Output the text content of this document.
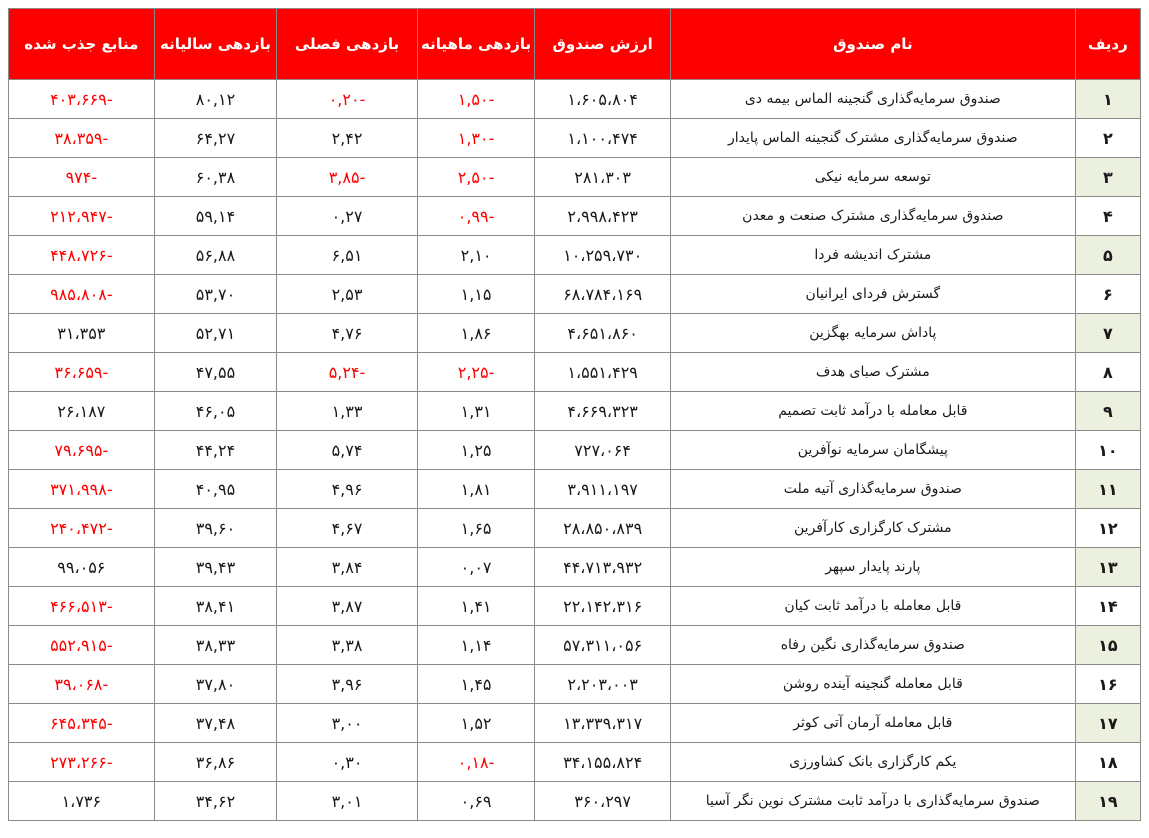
ردیف	نام صندوق	ارزش صندوق	بازدهی ماهیانه	بازدهی فصلی	بازدهی سالیانه	منابع جذب شده
۱	صندوق سرمایه‌گذاری گنجینه الماس بیمه دی	۱،۶۰۵،۸۰۴	-۱,۵۰	-۰,۲۰	۸۰,۱۲	-۴۰۳،۶۶۹
۲	صندوق سرمایه‌گذاری مشترک گنجینه الماس پایدار	۱،۱۰۰،۴۷۴	-۱,۳۰	۲,۴۲	۶۴,۲۷	-۳۸،۳۵۹
۳	توسعه سرمایه نیکی	۲۸۱،۳۰۳	-۲,۵۰	-۳,۸۵	۶۰,۳۸	-۹۷۴
۴	صندوق سرمایه‌گذاری مشترک صنعت و معدن	۲،۹۹۸،۴۲۳	-۰,۹۹	۰,۲۷	۵۹,۱۴	-۲۱۲،۹۴۷
۵	مشترک اندیشه فردا	۱۰،۲۵۹،۷۳۰	۲,۱۰	۶,۵۱	۵۶,۸۸	-۴۴۸،۷۲۶
۶	گسترش فردای ایرانیان	۶۸،۷۸۴،۱۶۹	۱,۱۵	۲,۵۳	۵۳,۷۰	-۹۸۵،۸۰۸
۷	پاداش سرمایه بهگزین	۴،۶۵۱،۸۶۰	۱,۸۶	۴,۷۶	۵۲,۷۱	۳۱،۳۵۳
۸	مشترک صبای هدف	۱،۵۵۱،۴۲۹	-۲,۲۵	-۵,۲۴	۴۷,۵۵	-۳۶،۶۵۹
۹	قابل معامله با درآمد ثابت تصمیم	۴،۶۶۹،۳۲۳	۱,۳۱	۱,۳۳	۴۶,۰۵	۲۶،۱۸۷
۱۰	پیشگامان سرمایه نوآفرین	۷۲۷،۰۶۴	۱,۲۵	۵,۷۴	۴۴,۲۴	-۷۹،۶۹۵
۱۱	صندوق سرمایه‌گذاری آتیه ملت	۳،۹۱۱،۱۹۷	۱,۸۱	۴,۹۶	۴۰,۹۵	-۳۷۱،۹۹۸
۱۲	مشترک کارگزاری کارآفرین	۲۸،۸۵۰،۸۳۹	۱,۶۵	۴,۶۷	۳۹,۶۰	-۲۴۰،۴۷۲
۱۳	پارند پایدار سپهر	۴۴،۷۱۳،۹۳۲	۰,۰۷	۳,۸۴	۳۹,۴۳	۹۹،۰۵۶
۱۴	قابل معامله با درآمد ثابت کیان	۲۲،۱۴۲،۳۱۶	۱,۴۱	۳,۸۷	۳۸,۴۱	-۴۶۶،۵۱۳
۱۵	صندوق سرمایه‌گذاری نگین رفاه	۵۷،۳۱۱،۰۵۶	۱,۱۴	۳,۳۸	۳۸,۳۳	-۵۵۲،۹۱۵
۱۶	قابل معامله گنجینه آینده روشن	۲،۲۰۳،۰۰۳	۱,۴۵	۳,۹۶	۳۷,۸۰	-۳۹،۰۶۸
۱۷	قابل معامله آرمان آتی کوثر	۱۳،۳۳۹،۳۱۷	۱,۵۲	۳,۰۰	۳۷,۴۸	-۶۴۵،۳۴۵
۱۸	یکم کارگزاری بانک کشاورزی	۳۴،۱۵۵،۸۲۴	-۰,۱۸	۰,۳۰	۳۶,۸۶	-۲۷۳،۲۶۶
۱۹	صندوق سرمایه‌گذاری با درآمد ثابت مشترک نوین نگر آسیا	۳۶۰،۲۹۷	۰,۶۹	۳,۰۱	۳۴,۶۲	۱،۷۳۶
